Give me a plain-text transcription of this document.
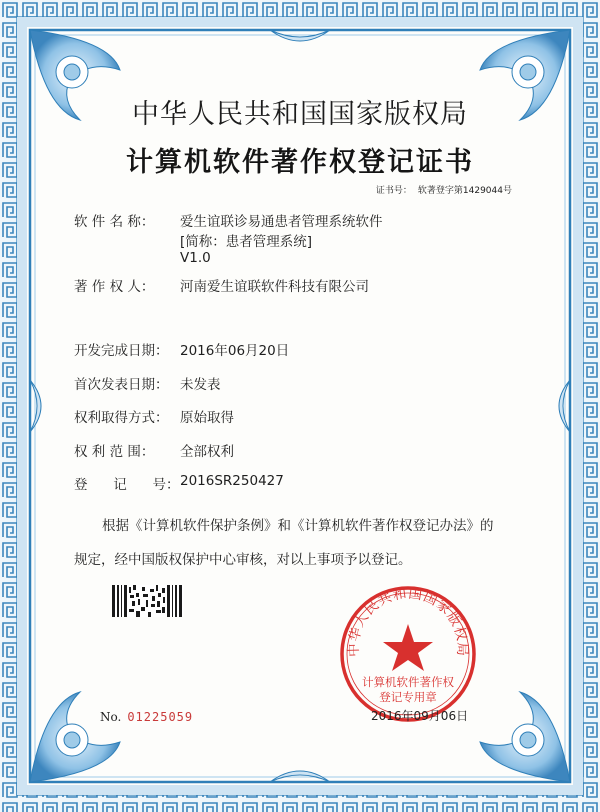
中华人民共和国国家版权局
计算机软件著作权登记证书
证书号： 软著登字第1429044号
软 件 名 称： 爱生谊联诊易通患者管理系统软件
[简称：患者管理系统]
V1.0
著 作 权 人： 河南爱生谊联软件科技有限公司
开发完成日期： 2016年06月20日
首次发表日期： 未发表
权利取得方式： 原始取得
权 利 范 围： 全部权利
登      记      号： 2016SR250427
根据《计算机软件保护条例》和《计算机软件著作权登记办法》的
规定，经中国版权保护中心审核，对以上事项予以登记。
No. 01225059
中华人民共和国国家版权局
计算机软件著作权
登记专用章
2016年09月06日
